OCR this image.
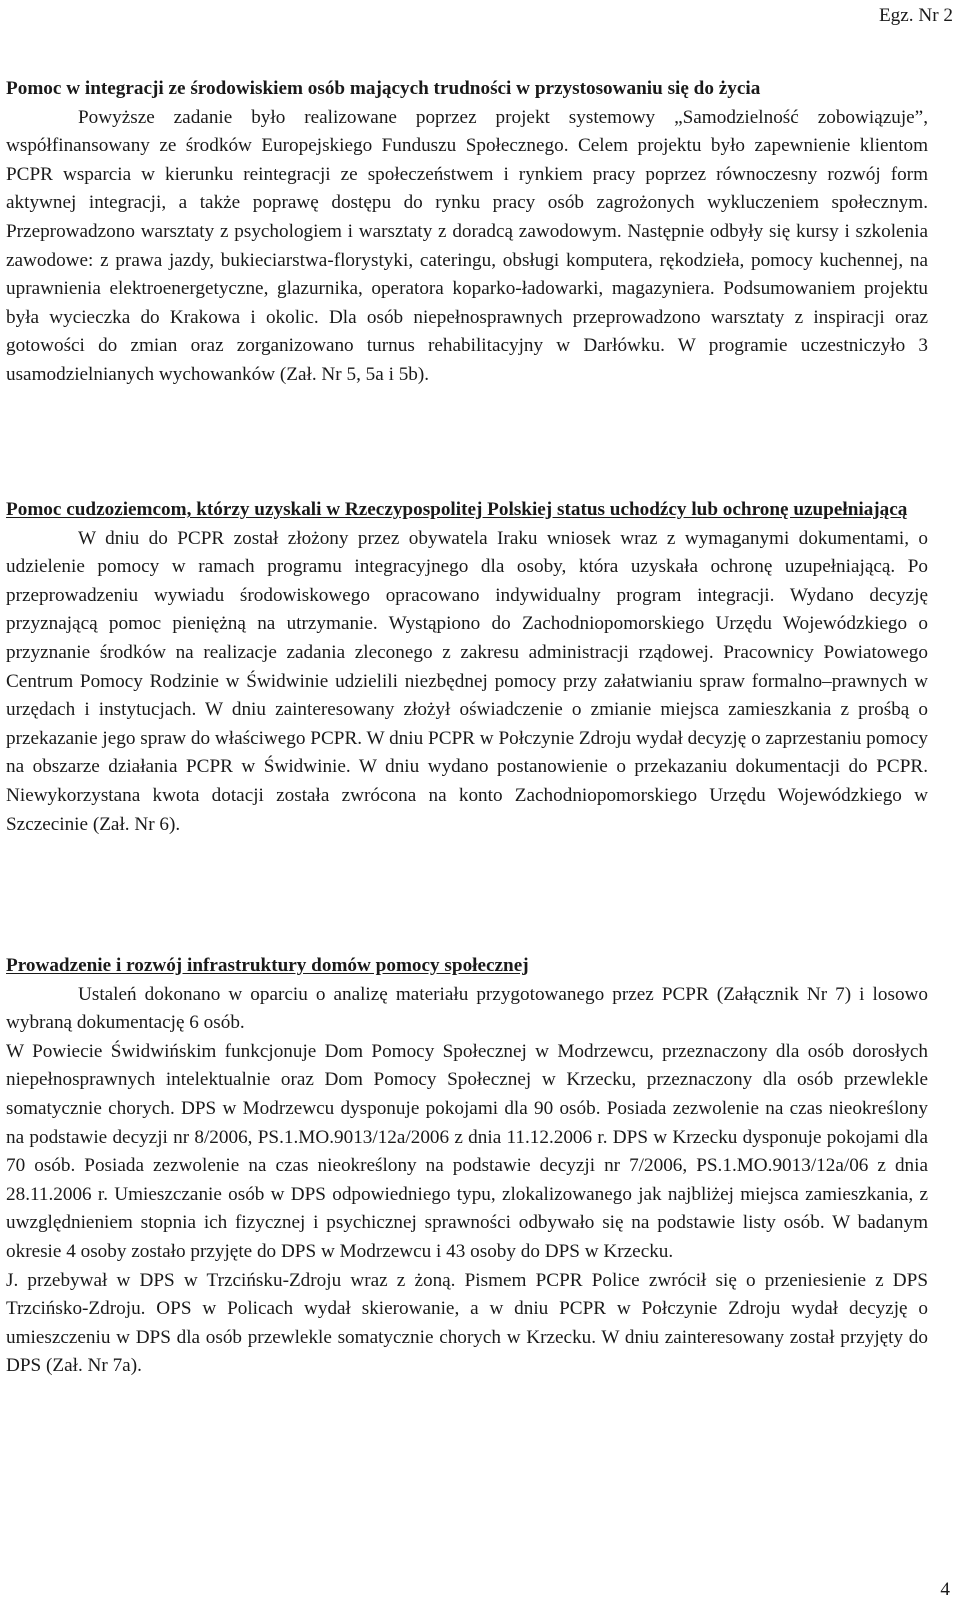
Egz. Nr 2

Pomoc w integracji ze środowiskiem osób mających trudności w przystosowaniu się do życia

Powyższe zadanie było realizowane poprzez projekt systemowy „Samodzielność zobowiązuje”, współfinansowany ze środków Europejskiego Funduszu Społecznego. Celem projektu było zapewnienie klientom PCPR wsparcia w kierunku reintegracji ze społeczeństwem i rynkiem pracy poprzez równoczesny rozwój form aktywnej integracji, a także poprawę dostępu do rynku pracy osób zagrożonych wykluczeniem społecznym. Przeprowadzono warsztaty z psychologiem i warsztaty z doradcą zawodowym. Następnie odbyły się kursy i szkolenia zawodowe: z prawa jazdy, bukieciarstwa-florystyki, cateringu, obsługi komputera, rękodzieła, pomocy kuchennej, na uprawnienia elektroenergetyczne, glazurnika, operatora koparko-ładowarki, magazyniera. Podsumowaniem projektu była wycieczka do Krakowa i okolic. Dla osób niepełnosprawnych przeprowadzono warsztaty z inspiracji oraz gotowości do zmian oraz zorganizowano turnus rehabilitacyjny w Darłówku. W programie uczestniczyło 3 usamodzielnianych wychowanków (Zał. Nr 5, 5a i 5b).

Pomoc cudzoziemcom, którzy uzyskali w Rzeczypospolitej Polskiej status uchodźcy lub ochronę uzupełniającą

W dniu do PCPR został złożony przez obywatela Iraku wniosek wraz z wymaganymi dokumentami, o udzielenie pomocy w ramach programu integracyjnego dla osoby, która uzyskała ochronę uzupełniającą. Po przeprowadzeniu wywiadu środowiskowego opracowano indywidualny program integracji. Wydano decyzję przyznającą pomoc pieniężną na utrzymanie. Wystąpiono do Zachodniopomorskiego Urzędu Wojewódzkiego o przyznanie środków na realizacje zadania zleconego z zakresu administracji rządowej. Pracownicy Powiatowego Centrum Pomocy Rodzinie w Świdwinie udzielili niezbędnej pomocy przy załatwianiu spraw formalno–prawnych w urzędach i instytucjach. W dniu zainteresowany złożył oświadczenie o zmianie miejsca zamieszkania z prośbą o przekazanie jego spraw do właściwego PCPR. W dniu PCPR w Połczynie Zdroju wydał decyzję o zaprzestaniu pomocy na obszarze działania PCPR w Świdwinie. W dniu wydano postanowienie o przekazaniu dokumentacji do PCPR. Niewykorzystana kwota dotacji została zwrócona na konto Zachodniopomorskiego Urzędu Wojewódzkiego w Szczecinie (Zał. Nr 6).

Prowadzenie i rozwój infrastruktury domów pomocy społecznej

Ustaleń dokonano w oparciu o analizę materiału przygotowanego przez PCPR (Załącznik Nr 7) i losowo wybraną dokumentację 6 osób.

W Powiecie Świdwińskim funkcjonuje Dom Pomocy Społecznej w Modrzewcu, przeznaczony dla osób dorosłych niepełnosprawnych intelektualnie oraz Dom Pomocy Społecznej w Krzecku, przeznaczony dla osób przewlekle somatycznie chorych. DPS w Modrzewcu dysponuje pokojami dla 90 osób. Posiada zezwolenie na czas nieokreślony na podstawie decyzji nr 8/2006, PS.1.MO.9013/12a/2006 z dnia 11.12.2006 r. DPS w Krzecku dysponuje pokojami dla 70 osób. Posiada zezwolenie na czas nieokreślony na podstawie decyzji nr 7/2006, PS.1.MO.9013/12a/06 z dnia 28.11.2006 r. Umieszczanie osób w DPS odpowiedniego typu, zlokalizowanego jak najbliżej miejsca zamieszkania, z uwzględnieniem stopnia ich fizycznej i psychicznej sprawności odbywało się na podstawie listy osób. W badanym okresie 4 osoby zostało przyjęte do DPS w Modrzewcu i 43 osoby do DPS w Krzecku.

J. przebywał w DPS w Trzcińsku-Zdroju wraz z żoną. Pismem PCPR Police zwrócił się o przeniesienie z DPS Trzcińsko-Zdroju. OPS w Policach wydał skierowanie, a w dniu PCPR w Połczynie Zdroju wydał decyzję o umieszczeniu w DPS dla osób przewlekle somatycznie chorych w Krzecku. W dniu zainteresowany został przyjęty do DPS (Zał. Nr 7a).

4
